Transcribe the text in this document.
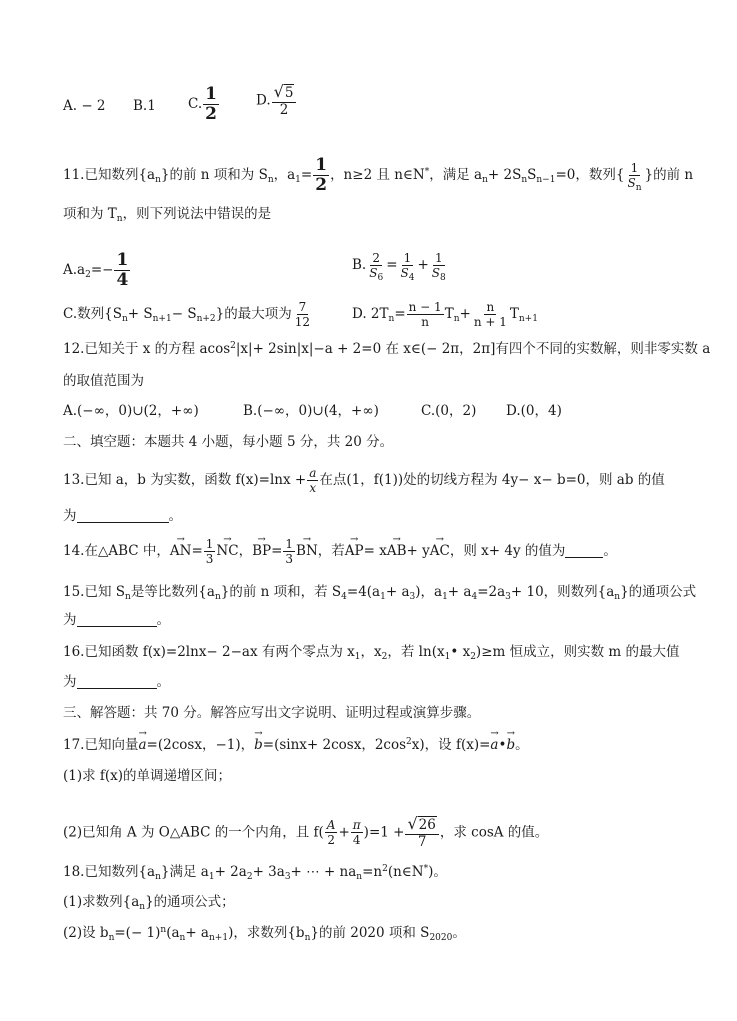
A. − 2 B.1 C. $\frac{1}{2}$	D. $\frac{√ 5}{2}$
11.已知数列$\{a_n\}$的前 n 项和为 $S_n$，$a_1= \frac{1}{2}$ ，n≥2 且 n∈N*，满足 $a_n+ 2S_nS_{n-1}=0$，数列{ $\frac{1}{S_n}$ }的前 n
项和为 $T_n$，则下列说法中错误的是
$A.a_2=- \frac{1}{4}$	B. $\frac{2}{S_6} = \frac{1}{S_4} + \frac{1}{S_8}$
C.数列$\{S_n+ S_{n+1}- S_{n+2}\}$的最大项为 $\frac{7}{12}$	D. $2T_n= \frac{n - 1}{n} T_n+ \frac{n}{n + 1} T_{n+1}$
12.已知关于 x 的方程 acos$^2$|x|+ 2sin|x|−a + 2=0 在 x∈(− 2π，2π]有四个不同的实数解，则非零实数 a
的取值范围为
A.(−∞，0)∪(2，+∞)	B.(−∞，0)∪(4，+∞)	C.(0，2) D.(0，4)
二、填空题：本题共 4 小题，每小题 5 分，共 20 分。
13.已知 a，b 为实数，函数 $f(x)=\ln x + \frac{a}{x}$ 在点(1，f(1))处的切线方程为 4y− x− b=0，则 ab 的值
为	。
14.在△ABC 中，→ $AN= \frac{1}{3}$ → NC，→ $BP= \frac{1}{3}$ → BN，若→ AP= x→ AB+ y→ AC，则 x+ 4y 的值为	。
15.已知 $S_n$是等比数列$\{a_n\}$的前 n 项和，若 $S_4=4(a_1+ a_3)$，$a_1+ a_4=2a_3+ 10$，则数列$\{a_n\}$的通项公式
为	。
16.已知函数 f(x)=2lnx− 2−ax 有两个零点为 $x_1$，$x_2$，若 $\ln(x_1•$ $x_2)\ge m$ 恒成立，则实数 m 的最大值
为	。
三、解答题：共 70 分。解答应写出文字说明、证明过程或演算步骤。
17.已知向量→ a=(2cosx，−1)，→ b=(sinx+ 2cosx，$2\cos^2x$)，设 f(x)=→ a•→ b。
(1)求 f(x)的单调递增区间；
(2)已知角 A 为 O△ABC 的一个内角，且 $f( \frac{A}{2} + \frac{\pi}{4} )=1 + \frac{√ 26}{7}$ ，求 cosA 的值。
18.已知数列$\{a_n\}$满足 $a_1+ 2a_2+ 3a_3+$ ⋯ + $na_n=n^2(n\in N^*)$。
(1)求数列$\{a_n\}$的通项公式；
(2)设 $b_n=(- 1)^n(a_n+ a_{n+1})$，求数列$\{b_n\}$的前 2020 项和 $S_{2020}$。
